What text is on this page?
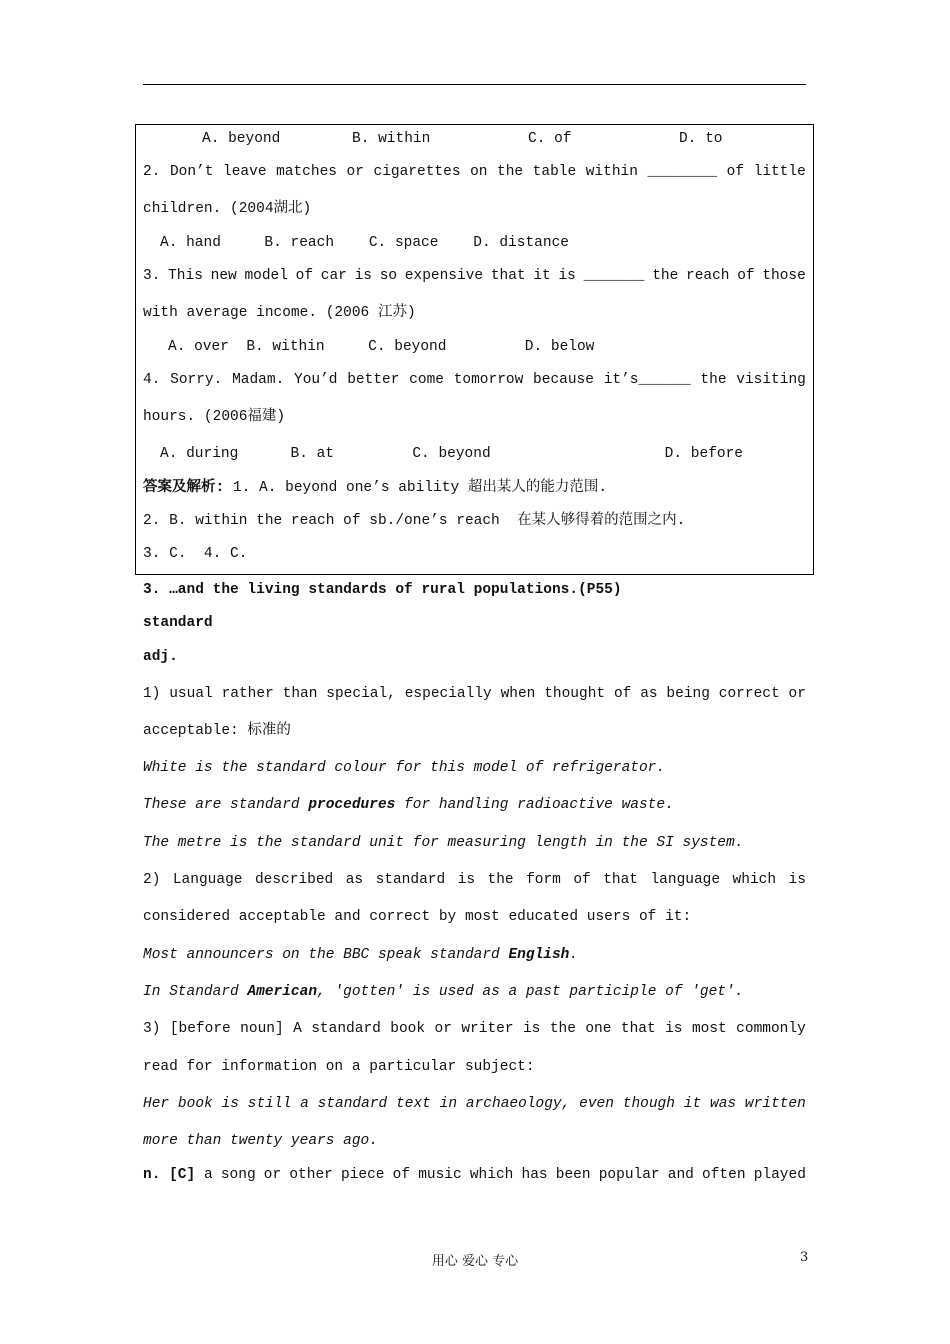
A. beyond	B. within	C. of	D. to
2. Don’t leave matches or cigarettes on the table within ________ of little
children. (2004湖北)
A. hand     B. reach    C. space    D. distance
3. This new model of car is so expensive that it is _______ the reach of those
with average income. (2006 江苏)
A. over  B. within     C. beyond         D. below
4. Sorry. Madam. You’d better come tomorrow because it’s______ the visiting
hours. (2006福建)
A. during      B. at         C. beyond                    D. before
答案及解析: 1. A. beyond one’s ability 超出某人的能力范围.
2. B. within the reach of sb./one’s reach  在某人够得着的范围之内.
3. C.  4. C.
3. …and the living standards of rural populations.(P55)
standard
adj.
1) usual rather than special, especially when thought of as being correct or
acceptable: 标准的
White is the standard colour for this model of refrigerator.
These are standard procedures for handling radioactive waste.
The metre is the standard unit for measuring length in the SI system.
2) Language described as standard is the form of that language which is
considered acceptable and correct by most educated users of it:
Most announcers on the BBC speak standard English.
In Standard American, 'gotten' is used as a past participle of 'get'.
3) [before noun] A standard book or writer is the one that is most commonly
read for information on a particular subject:
Her book is still a standard text in archaeology, even though it was written
more than twenty years ago.
n. [C] a song or other piece of music which has been popular and often played
用心 爱心 专心	3
